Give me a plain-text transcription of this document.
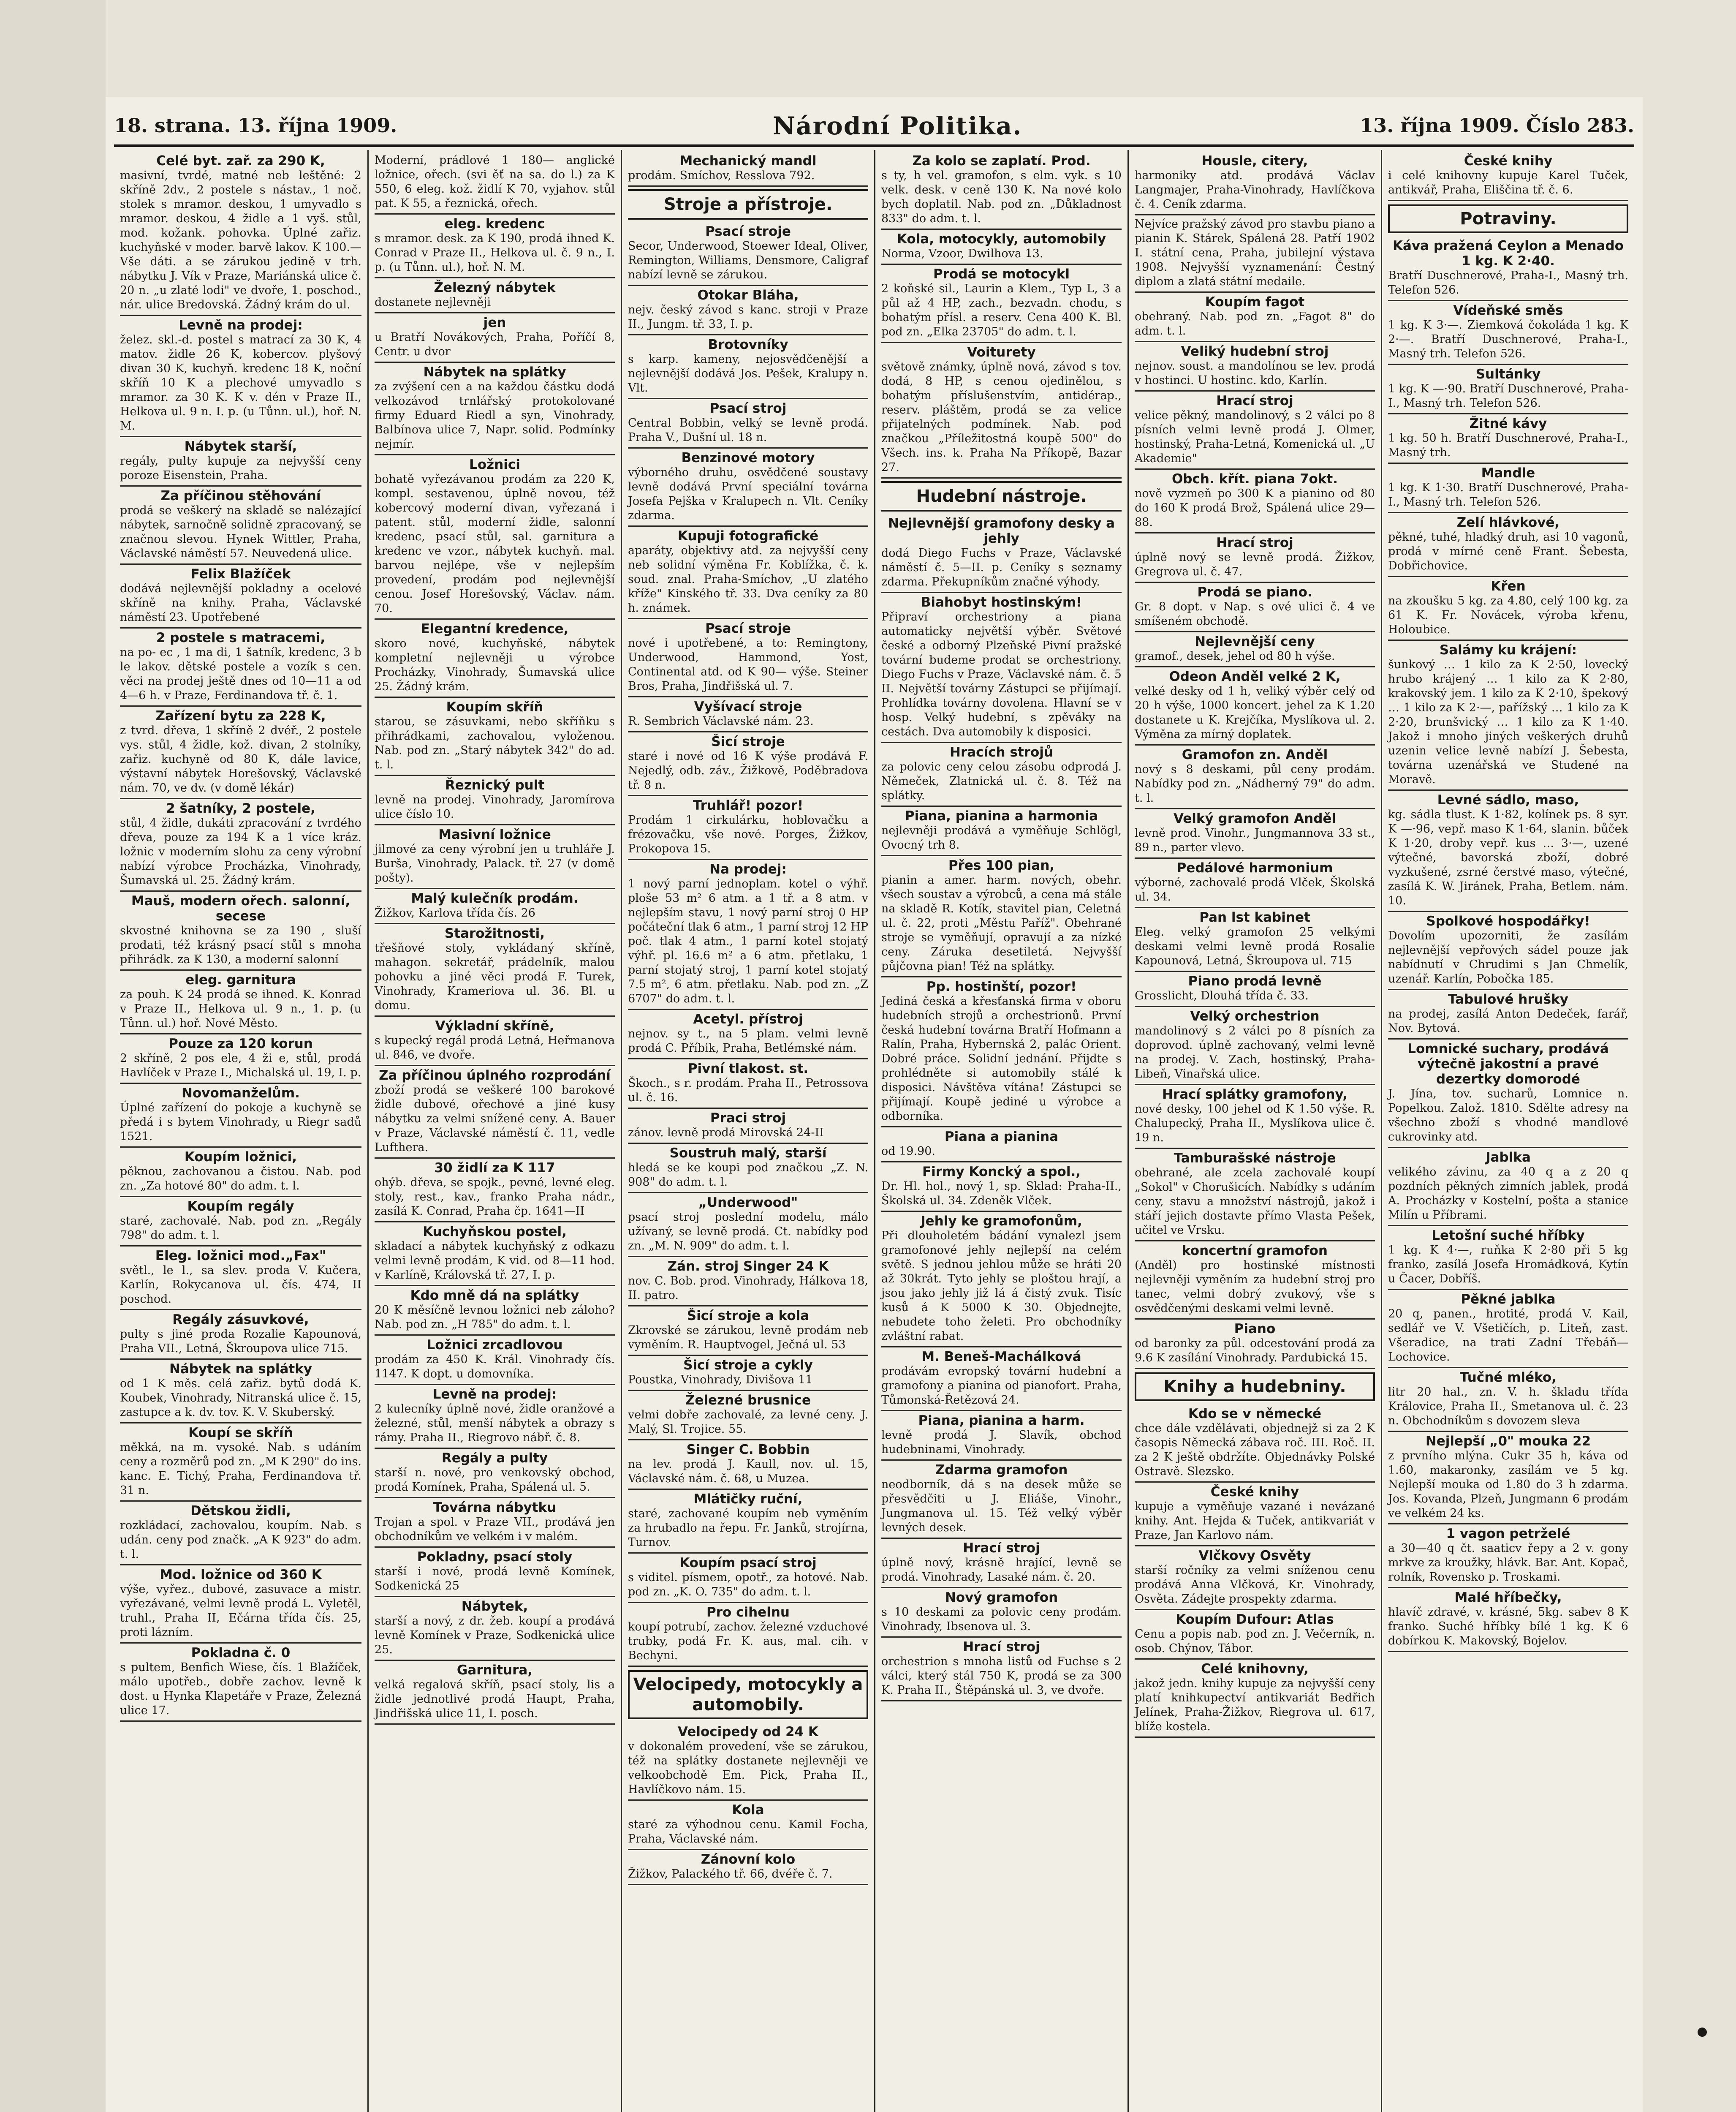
18. strana. 13. října 1909.	Národní Politika.	13. října 1909. Číslo 283.
Celé byt. zař. za 290 K,
masivní, tvrdé, matné neb leštěné: 2 skříně 2dv., 2 postele s nástav., 1 noč. stolek s mramor. deskou, 1 umyvadlo s mramor. deskou, 4 židle a 1 vyš. stůl, mod. kožank. pohovka. Úplné zařiz. kuchyňské v moder. barvě lakov. K 100.— Vše dáti. a se zárukou jedině v trh. nábytku J. Vík v Praze, Mariánská ulice č. 20 n. „u zlaté lodi" ve dvoře, 1. poschod., nár. ulice Bredovská. Žádný krám do ul.
Levně na prodej:
želez. skl.-d. postel s matrací za 30 K, 4 matov. židle 26 K, kobercov. plyšový divan 30 K, kuchyň. kredenc 18 K, noční skříň 10 K a plechové umyvadlo s mramor. za 30 K. K v. dén v Praze II., Helkova ul. 9 n. I. p. (u Tůnn. ul.), hoř. N. M.
Nábytek starší,
regály, pulty kupuje za nejvyšší ceny poroze Eisenstein, Praha.
Za příčinou stěhování
prodá se veškerý na skladě se nalézající nábytek, sarnočně solidně zpracovaný, se značnou slevou. Hynek Wittler, Praha, Václavské náměstí 57. Neuvedená ulice.
Felix Blažíček
dodává nejlevnější pokladny a ocelové skříně na knihy. Praha, Václavské náměstí 23. Upotřebené
2 postele s matracemi,
na po- ec , 1 ma di, 1 šatník, kredenc, 3 b le lakov. dětské postele a vozík s cen. věci na prodej ještě dnes od 10—11 a od 4—6 h. v Praze, Ferdinandova tř. č. 1.
Zařízení bytu za 228 K,
z tvrd. dřeva, 1 skříně 2 dvéř., 2 postele vys. stůl, 4 židle, kož. divan, 2 stolníky, zařiz. kuchyně od 80 K, dále lavice, výstavní nábytek Horešovský, Václavské nám. 70, ve dv. (v domě lékár)
2 šatníky, 2 postele,
stůl, 4 židle, dukáti zpracování z tvrdého dřeva, pouze za 194 K a 1 více kráz. ložnic v moderním slohu za ceny výrobní nabízí výrobce Procházka, Vinohrady, Šumavská ul. 25. Žádný krám.
Mauš, modern ořech. salonní, secese
skvostné knihovna se za 190 , sluší prodati, též krásný psací stůl s mnoha přihrádk. za K 130, a moderní salonní
eleg. garnitura
za pouh. K 24 prodá se ihned. K. Konrad v Praze II., Helkova ul. 9 n., 1. p. (u Tůnn. ul.) hoř. Nové Město.
Pouze za 120 korun
2 skříně, 2 pos ele, 4 ži e, stůl, prodá Havlíček v Praze I., Michalská ul. 19, I. p.
Novomanželům.
Úplné zařízení do pokoje a kuchyně se předá i s bytem Vinohrady, u Riegr sadů 1521.
Koupím ložnici,
pěknou, zachovanou a čistou. Nab. pod zn. „Za hotové 80" do adm. t. l.
Koupím regály
staré, zachovalé. Nab. pod zn. „Regály 798" do adm. t. l.
Eleg. ložnici mod.„Fax"
světl., le l., sa slev. proda V. Kučera, Karlín, Rokycanova ul. čís. 474, II poschod.
Regály zásuvkové,
pulty s jiné proda Rozalie Kapounová, Praha VII., Letná, Škroupova ulice 715.
Nábytek na splátky
od 1 K měs. celá zařiz. bytů dodá K. Koubek, Vinohrady, Nitranská ulice č. 15, zastupce a k. dv. tov. K. V. Skuberský.
Koupí se skříň
měkká, na m. vysoké. Nab. s udáním ceny a rozměrů pod zn. „M K 290" do ins. kanc. E. Tichý, Praha, Ferdinandova tř. 31 n.
Dětskou židli,
rozkládací, zachovalou, koupím. Nab. s udán. ceny pod značk. „A K 923" do adm. t. l.
Mod. ložnice od 360 K
výše, vyřez., dubové, zasuvace a mistr. vyřezávané, velmi levně prodá L. Vyletěl, truhl., Praha II, Ečárna třída čís. 25, proti lázním.
Pokladna č. 0
s pultem, Benfich Wiese, čís. 1 Blažíček, málo upotřeb., dobře zachov. levně k dost. u Hynka Klapetáře v Praze, Železná ulice 17.
Moderní, prádlové 1 180— anglické ložnice, ořech. (svi ěť na sa. do l.) za K 550, 6 eleg. kož. židlí K 70, vyjahov. stůl pat. K 55, a řeznická, ořech.
eleg. kredenc
s mramor. desk. za K 190, prodá ihned K. Conrad v Praze II., Helkova ul. č. 9 n., I. p. (u Tůnn. ul.), hoř. N. M.
Železný nábytek
dostanete nejlevněji
jen
u Bratří Novákových, Praha, Poříčí 8, Centr. u dvor
Nábytek na splátky
za zvýšení cen a na každou částku dodá velkozávod trnlářský protokolované firmy Eduard Riedl a syn, Vinohrady, Balbínova ulice 7, Napr. solid. Podmínky nejmír.
Ložnici
bohatě vyřezávanou prodám za 220 K, kompl. sestavenou, úplně novou, též kobercový moderní divan, vyřezaná i patent. stůl, moderní židle, salonní kredenc, psací stůl, sal. garnitura a kredenc ve vzor., nábytek kuchyň. mal. barvou nejlépe, vše v nejlepším provedení, prodám pod nejlevnější cenou. Josef Horešovský, Václav. nám. 70.
Elegantní kredence,
skoro nové, kuchyňské, nábytek kompletní nejlevněji u výrobce Procházky, Vinohrady, Šumavská ulice 25. Žádný krám.
Koupím skříň
starou, se zásuvkami, nebo skříňku s přihrádkami, zachovalou, vyloženou. Nab. pod zn. „Starý nábytek 342" do ad. t. l.
Řeznický pult
levně na prodej. Vinohrady, Jaromírova ulice číslo 10.
Masivní ložnice
jilmové za ceny výrobní jen u truhláře J. Burša, Vinohrady, Palack. tř. 27 (v domě pošty).
Malý kulečník prodám.
Žižkov, Karlova třída čís. 26
Starožitnosti,
třešňové stoly, vykládaný skříně, mahagon. sekretář, prádelník, malou pohovku a jiné věci prodá F. Turek, Vinohrady, Krameriova ul. 36. Bl. u domu.
Výkladní skříně,
s kupecký regál prodá Letná, Heřmanova ul. 846, ve dvoře.
Za příčinou úplného rozprodání
zboží prodá se veškeré 100 barokové židle dubové, ořechové a jiné kusy nábytku za velmi snížené ceny. A. Bauer v Praze, Václavské náměstí č. 11, vedle Lufthera.
30 židlí za K 117
ohýb. dřeva, se spojk., pevné, levné eleg. stoly, rest., kav., franko Praha nádr., zasílá K. Conrad, Praha čp. 1641—II
Kuchyňskou postel,
skladací a nábytek kuchyňský z odkazu velmi levně prodám, K vid. od 8—11 hod. v Karlíně, Královská tř. 27, I. p.
Kdo mně dá na splátky
20 K měsíčně levnou ložnici neb záloho? Nab. pod zn. „H 785" do adm. t. l.
Ložnici zrcadlovou
prodám za 450 K. Král. Vinohrady čís. 1147. K dopt. u domovníka.
Levně na prodej:
2 kulecníky úplně nové, židle oranžové a železné, stůl, menší nábytek a obrazy s rámy. Praha II., Riegrovo nábř. č. 8.
Regály a pulty
starší n. nové, pro venkovský obchod, prodá Komínek, Praha, Spálená ul. 5.
Továrna nábytku
Trojan a spol. v Praze VII., prodává jen obchodníkům ve velkém i v malém.
Pokladny, psací stoly
starší i nové, prodá levně Komínek, Sodkenická 25
Nábytek,
starší a nový, z dr. žeb. koupí a prodává levně Komínek v Praze, Sodkenická ulice 25.
Garnitura,
velká regalová skříň, psací stoly, lis a židle jednotlivé prodá Haupt, Praha, Jindřišská ulice 11, I. posch.
Mechanický mandl
prodám. Smíchov, Resslova 792.
Stroje a přístroje.
Psací stroje
Secor, Underwood, Stoewer Ideal, Oliver, Remington, Williams, Densmore, Caligraf nabízí levně se zárukou.
Otokar Bláha,
nejv. český závod s kanc. stroji v Praze II., Jungm. tř. 33, I. p.
Brotovníky
s karp. kameny, nejosvědčenější a nejlevnější dodává Jos. Pešek, Kralupy n. Vlt.
Psací stroj
Central Bobbin, velký se levně prodá. Praha V., Dušní ul. 18 n.
Benzinové motory
výborného druhu, osvědčené soustavy levně dodává První speciální továrna Josefa Pejška v Kralupech n. Vlt. Ceníky zdarma.
Kupuji fotografické
aparáty, objektivy atd. za nejvyšší ceny neb solidní výměna Fr. Koblížka, č. k. soud. znal. Praha-Smíchov, „U zlatého kříže" Kinského tř. 33. Dva ceníky za 80 h. známek.
Psací stroje
nové i upotřebené, a to: Remingtony, Underwood, Hammond, Yost, Continental atd. od K 90— výše. Steiner Bros, Praha, Jindřišská ul. 7.
Vyšívací stroje
R. Sembrich Václavské nám. 23.
Šicí stroje
staré i nové od 16 K výše prodává F. Nejedlý, odb. záv., Žižkově, Poděbradova tř. 8 n.
Truhlář! pozor!
Prodám 1 cirkulárku, hoblovačku a frézovačku, vše nové. Porges, Žižkov, Prokopova 15.
Na prodej:
1 nový parní jednoplam. kotel o výhř. ploše 53 m² 6 atm. a 1 tř. a 8 atm. v nejlepším stavu, 1 nový parní stroj 0 HP počáteční tlak 6 atm., 1 parní stroj 12 HP poč. tlak 4 atm., 1 parní kotel stojatý výhř. pl. 16.6 m² a 6 atm. přetlaku, 1 parní stojatý stroj, 1 parní kotel stojatý 7.5 m², 6 atm. přetlaku. Nab. pod zn. „Z 6707" do adm. t. l.
Acetyl. přístroj
nejnov. sy t., na 5 plam. velmi levně prodá C. Příbik, Praha, Betlémské nám.
Pivní tlakost. st.
Škoch., s r. prodám. Praha II., Petrossova ul. č. 16.
Praci stroj
zánov. levně prodá Mirovská 24-II
Soustruh malý, starší
hledá se ke koupi pod značkou „Z. N. 908" do adm. t. l.
„Underwood"
psací stroj poslední modelu, málo užívaný, se levně prodá. Ct. nabídky pod zn. „M. N. 909" do adm. t. l.
Zán. stroj Singer 24 K
nov. C. Bob. prod. Vinohrady, Hálkova 18, II. patro.
Šicí stroje a kola
Zkrovské se zárukou, levně prodám neb vyměním. R. Hauptvogel, Ječná ul. 53
Šicí stroje a cykly
Poustka, Vinohrady, Divišova 11
Železné brusnice
velmi dobře zachovalé, za levné ceny. J. Malý, Sl. Trojice. 55.
Singer C. Bobbin
na lev. prodá J. Kaull, nov. ul. 15, Václavské nám. č. 68, u Muzea.
Mlátičky ruční,
staré, zachované koupím neb vyměním za hrubadlo na řepu. Fr. Janků, strojírna, Turnov.
Koupím psací stroj
s viditel. písmem, opotř., za hotové. Nab. pod zn. „K. O. 735" do adm. t. l.
Pro cihelnu
koupí potrubí, zachov. železné vzduchové trubky, podá Fr. K. aus, mal. cih. v Bechyni.
Velocipedy, motocykly a automobily.
Velocipedy od 24 K
v dokonalém provedení, vše se zárukou, též na splátky dostanete nejlevněji ve velkoobchodě Em. Pick, Praha II., Havlíčkovo nám. 15.
Kola
staré za výhodnou cenu. Kamil Focha, Praha, Václavské nám.
Zánovní kolo
Žižkov, Palackého tř. 66, dvéře č. 7.
Za kolo se zaplatí. Prod.
s ty, h vel. gramofon, s elm. vyk. s 10 velk. desk. v ceně 130 K. Na nové kolo bych doplatil. Nab. pod zn. „Důkladnost 833" do adm. t. l.
Kola, motocykly, automobily
Norma, Vzoor, Dwilhova 13.
Prodá se motocykl
2 koňské sil., Laurin a Klem., Typ L, 3 a půl až 4 HP, zach., bezvadn. chodu, s bohatým přísl. a reserv. Cena 400 K. Bl. pod zn. „Elka 23705" do adm. t. l.
Voiturety
světově známky, úplně nová, závod s tov. dodá, 8 HP, s cenou ojedinělou, s bohatým příslušenstvím, antidérap., reserv. pláštěm, prodá se za velice přijatelných podmínek. Nab. pod značkou „Příležitostná koupě 500" do Všech. ins. k. Praha Na Příkopě, Bazar 27.
Hudební nástroje.
Nejlevnější gramofony desky a jehly
dodá Diego Fuchs v Praze, Václavské náměstí č. 5—II. p. Ceníky s seznamy zdarma. Překupníkům značné výhody.
Biahobyt hostinským!
Připraví orchestriony a piana automaticky největší výběr. Světové české a odborný Plzeňské Pivní pražské tovární budeme prodat se orchestriony. Diego Fuchs v Praze, Václavské nám. č. 5 II. Největší továrny Zástupci se přijímají. Prohlídka továrny dovolena. Hlavní se v hosp. Velký hudební, s zpěváky na cestách. Dva automobily k disposici.
Hracích strojů
za polovic ceny celou zásobu odprodá J. Němeček, Zlatnická ul. č. 8. Též na splátky.
Piana, pianina a harmonia
nejlevněji prodává a vyměňuje Schlögl, Ovocný trh 8.
Přes 100 pian,
pianin a amer. harm. nových, obehr. všech soustav a výrobců, a cena má stále na skladě R. Kotík, stavitel pian, Celetná ul. č. 22, proti „Městu Paříž". Obehrané stroje se vyměňují, opravují a za nízké ceny. Záruka desetiletá. Nejvyšší půjčovna pian! Též na splátky.
Pp. hostinští, pozor!
Jediná česká a křesťanská firma v oboru hudebních strojů a orchestrionů. První česká hudební továrna Bratří Hofmann a Ralín, Praha, Hybernská 2, palác Orient. Dobré práce. Solidní jednání. Přijdte s prohlédněte si automobily stálé k disposici. Návštěva vítána! Zástupci se přijímají. Koupě jediné u výrobce a odborníka.
Piana a pianina
od 19.90.
Firmy Koncký a spol.,
Dr. Hl. hol., nový 1, sp. Sklad: Praha-II., Školská ul. 34. Zdeněk Vlček.
Jehly ke gramofonům,
Při dlouholetém bádání vynalezl jsem gramofonové jehly nejlepší na celém světě. S jednou jehlou může se hráti 20 až 30krát. Tyto jehly se ploštou hrají, a jsou jako jehly již lá á čistý zvuk. Tisíc kusů á K 5000 K 30. Objednejte, nebudete toho želeti. Pro obchodníky zvláštní rabat.
M. Beneš-Machálková
prodávám evropský tovární hudební a gramofony a pianina od pianofort. Praha, Tůmonská-Řetězová 24.
Piana, pianina a harm.
levně prodá J. Slavík, obchod hudebninami, Vinohrady.
Zdarma gramofon
neodborník, dá s na desek může se přesvědčiti u J. Eliáše, Vinohr., Jungmanova ul. 15. Též velký výběr levných desek.
Hrací stroj
úplně nový, krásně hrající, levně se prodá. Vinohrady, Lasaké nám. č. 20.
Nový gramofon
s 10 deskami za polovic ceny prodám. Vinohrady, Ibsenova ul. 3.
Hrací stroj
orchestrion s mnoha listů od Fuchse s 2 válci, který stál 750 K, prodá se za 300 K. Praha II., Štěpánská ul. 3, ve dvoře.
Housle, citery,
harmoniky atd. prodává Václav Langmajer, Praha-Vinohrady, Havlíčkova č. 4. Ceník zdarma.
Nejvíce pražský závod pro stavbu piano a pianin K. Stárek, Spálená 28. Patří 1902 I. státní cena, Praha, jubilejní výstava 1908. Nejvyšší vyznamenání: Čestný diplom a zlatá státní medaile.
Koupím fagot
obehraný. Nab. pod zn. „Fagot 8" do adm. t. l.
Veliký hudební stroj
nejnov. soust. a mandolínou se lev. prodá v hostinci. U hostinc. kdo, Karlín.
Hrací stroj
velice pěkný, mandolinový, s 2 válci po 8 písních velmi levně prodá J. Olmer, hostinský, Praha-Letná, Komenická ul. „U Akademie"
Obch. křít. piana 7okt.
nově vyzmeň po 300 K a pianino od 80 do 160 K prodá Brož, Spálená ulice 29—88.
Hrací stroj
úplně nový se levně prodá. Žižkov, Gregrova ul. č. 47.
Prodá se piano.
Gr. 8 dopt. v Nap. s ové ulici č. 4 ve smíšeném obchodě.
Nejlevnější ceny
gramof., desek, jehel od 80 h výše.
Odeon Anděl velké 2 K,
velké desky od 1 h, veliký výběr celý od 20 h výše, 1000 koncert. jehel za K 1.20 dostanete u K. Krejčíka, Myslíkova ul. 2. Výměna za mírný doplatek.
Gramofon zn. Anděl
nový s 8 deskami, půl ceny prodám. Nabídky pod zn. „Nádherný 79" do adm. t. l.
Velký gramofon Anděl
levně prod. Vinohr., Jungmannova 33 st., 89 n., parter vlevo.
Pedálové harmonium
výborné, zachovalé prodá Vlček, Školská ul. 34.
Pan lst kabinet
Eleg. velký gramofon 25 velkými deskami velmi levně prodá Rosalie Kapounová, Letná, Škroupova ul. 715
Piano prodá levně
Grosslicht, Dlouhá třída č. 33.
Velký orchestrion
mandolinový s 2 válci po 8 písních za doprovod. úplně zachovaný, velmi levně na prodej. V. Zach, hostinský, Praha-Libeň, Vinařská ulice.
Hrací splátky gramofony,
nové desky, 100 jehel od K 1.50 výše. R. Chalupecký, Praha II., Myslíkova ulice č. 19 n.
Tamburašské nástroje
obehrané, ale zcela zachovalé koupí „Sokol" v Chorušicích. Nabídky s udáním ceny, stavu a množství nástrojů, jakož i stáří jejich dostavte přímo Vlasta Pešek, učitel ve Vrsku.
koncertní gramofon
(Anděl) pro hostinské místnosti nejlevněji vyměním za hudební stroj pro tanec, velmi dobrý zvukový, vše s osvědčenými deskami velmi levně.
Piano
od baronky za půl. odcestování prodá za 9.6 K zasílání Vinohrady. Pardubická 15.
Knihy a hudebniny.
Kdo se v německé
chce dále vzdělávati, objednejž si za 2 K časopis Německá zábava roč. III. Roč. II. za 2 K ještě obdržíte. Objednávky Polské Ostravě. Slezsko.
České knihy
kupuje a vyměňuje vazané i nevázané knihy. Ant. Hejda & Tuček, antikvariát v Praze, Jan Karlovo nám.
Vlčkovy Osvěty
starší ročníky za velmi sníženou cenu prodává Anna Vlčková, Kr. Vinohrady, Osvěta. Zádejte prospekty zdarma.
Koupím Dufour: Atlas
Cenu a popis nab. pod zn. J. Večerník, n. osob. Chýnov, Tábor.
Celé knihovny,
jakož jedn. knihy kupuje za nejvyšší ceny platí knihkupectví antikvariát Bedřich Jelínek, Praha-Žižkov, Riegrova ul. 617, blíže kostela.
České knihy
i celé knihovny kupuje Karel Tuček, antikvář, Praha, Eliščina tř. č. 6.
Potraviny.
Káva pražená Ceylon a Menado 1 kg. K 2·40.
Bratří Duschnerové, Praha-I., Masný trh. Telefon 526.
Vídeňské směs
1 kg. K 3·—. Ziemková čokoláda 1 kg. K 2·—. Bratří Duschnerové, Praha-I., Masný trh. Telefon 526.
Sultánky
1 kg. K —·90. Bratří Duschnerové, Praha-I., Masný trh. Telefon 526.
Žitné kávy
1 kg. 50 h. Bratří Duschnerové, Praha-I., Masný trh.
Mandle
1 kg. K 1·30. Bratří Duschnerové, Praha-I., Masný trh. Telefon 526.
Zelí hlávkové,
pěkné, tuhé, hladký druh, asi 10 vagonů, prodá v mírné ceně Frant. Šebesta, Dobřichovice.
Křen
na zkoušku 5 kg. za 4.80, celý 100 kg. za 61 K. Fr. Novácek, výroba křenu, Holoubice.
Salámy ku krájení:
šunkový … 1 kilo za K 2·50, lovecký hrubo krájený … 1 kilo za K 2·80, krakovský jem. 1 kilo za K 2·10, špekový … 1 kilo za K 2·—, pařížský … 1 kilo za K 2·20, brunšvický … 1 kilo za K 1·40. Jakož i mnoho jiných veškerých druhů uzenin velice levně nabízí J. Šebesta, továrna uzenářská ve Studené na Moravě.
Levné sádlo, maso,
kg. sádla tlust. K 1·82, kolínek ps. 8 syr. K —·96, vepř. maso K 1·64, slanin. bůček K 1·20, droby vepř. kus … 3·—, uzené výtečné, bavorská zboží, dobré vyzkušené, zsrné čerstvé maso, výtečné, zasílá K. W. Jiránek, Praha, Betlem. nám. 10.
Spolkové hospodářky!
Dovolím upozorniti, že zasílám nejlevnější vepřových sádel pouze jak nabídnutí v Chrudimi s Jan Chmelík, uzenář. Karlín, Pobočka 185.
Tabulové hrušky
na prodej, zasílá Anton Dedeček, farář, Nov. Bytová.
Lomnické suchary, prodává výtečně jakostní a pravé dezertky domorodé
J. Jína, tov. sucharů, Lomnice n. Popelkou. Založ. 1810. Sdělte adresy na všechno zboží s vhodné mandlové cukrovinky atd.
Jablka
velikého závinu, za 40 q a z 20 q pozdních pěkných zimních jablek, prodá A. Procházky v Kostelní, pošta a stanice Milín u Příbrami.
Letošní suché hříbky
1 kg. K 4·—, ruňka K 2·80 při 5 kg franko, zasílá Josefa Hromádková, Kytín u Čacer, Dobříš.
Pěkné jablka
20 q, panen., hrotité, prodá V. Kail, sedlář ve V. Všetičích, p. Liteň, zast. Všeradice, na trati Zadní Třebáň—Lochovice.
Tučné mléko,
litr 20 hal., zn. V. h. škladu třída Královice, Praha II., Smetanova ul. č. 23 n. Obchodníkům s dovozem sleva
Nejlepší „0" mouka 22
z prvního mlýna. Cukr 35 h, káva od 1.60, makaronky, zasílám ve 5 kg. Nejlepší mouka od 1.80 do 3 h zdarma. Jos. Kovanda, Plzeň, Jungmann 6 prodám ve velkém 24 ks.
1 vagon petrželé
a 30—40 q čt. saaticv řepy a 2 v. gony mrkve za kroužky, hlávk. Bar. Ant. Kopač, rolník, Rovensko p. Troskami.
Malé hříbečky,
hlavíč zdravé, v. krásné, 5kg. sabev 8 K franko. Suché hříbky bílé 1 kg. K 6 dobírkou K. Makovský, Bojelov.
